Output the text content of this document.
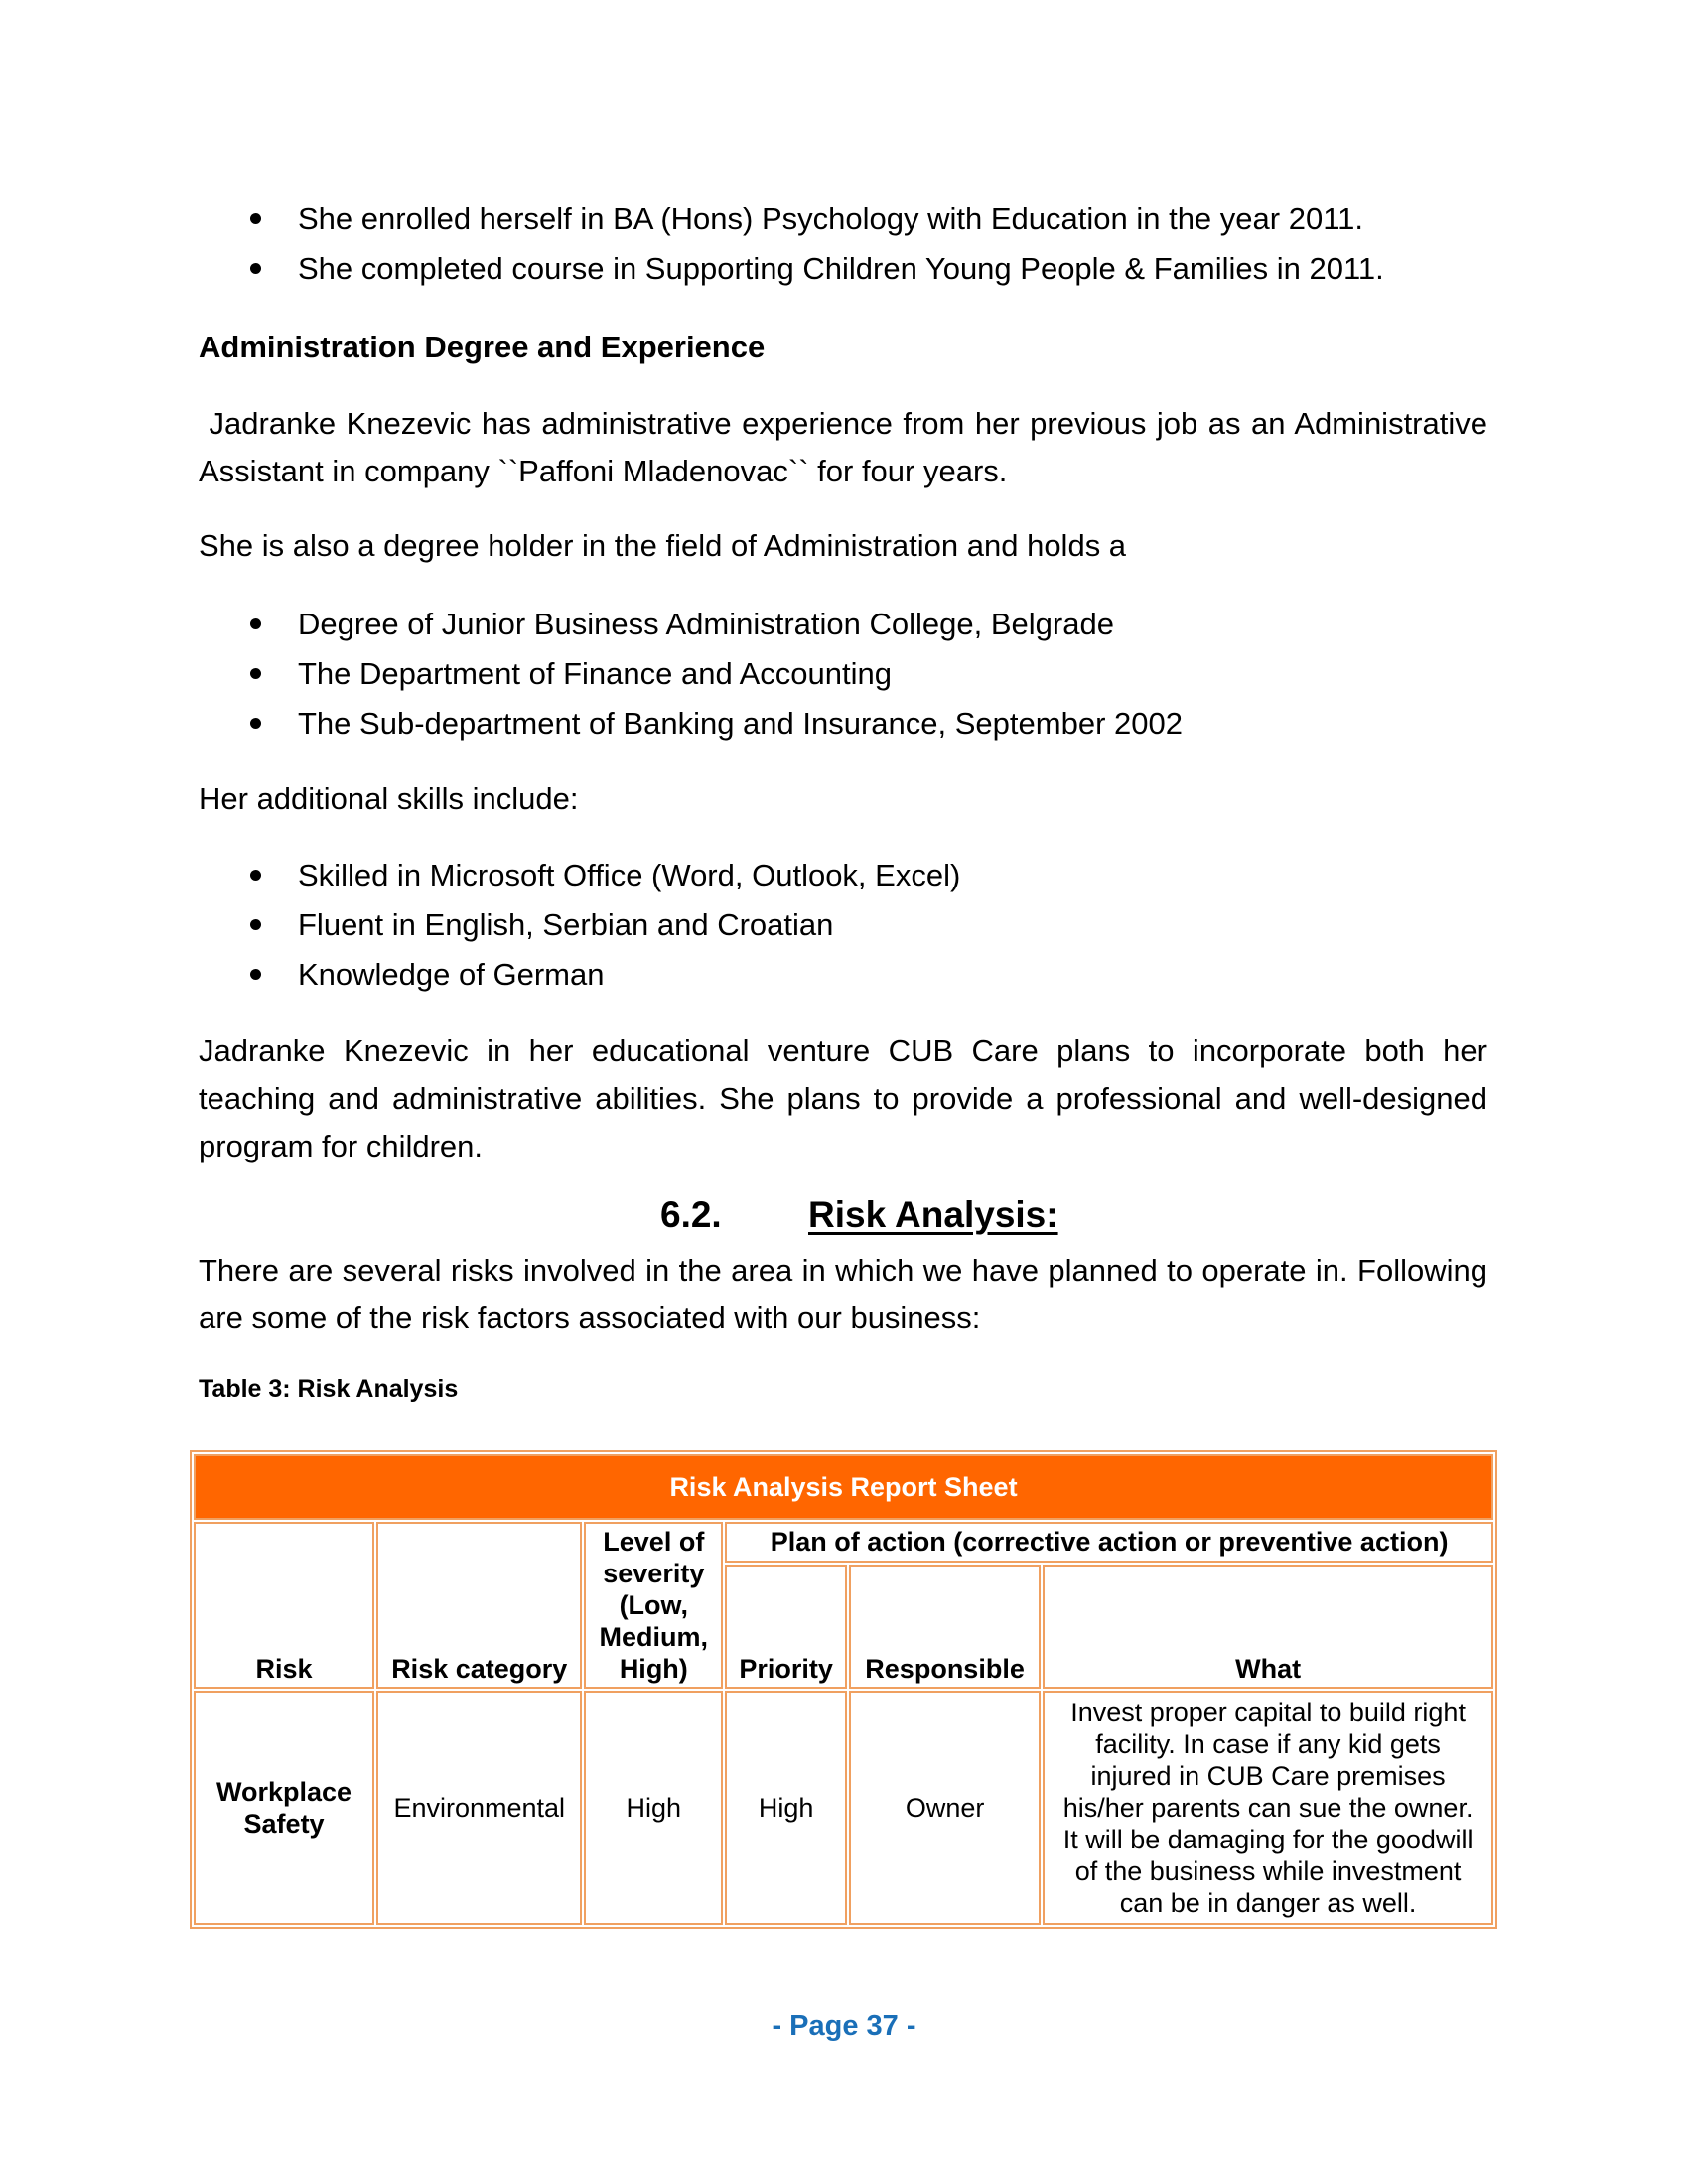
She enrolled herself in BA (Hons) Psychology with Education in the year 2011.
She completed course in Supporting Children Young People & Families in 2011.
Administration Degree and Experience

Jadranke Knezevic has administrative experience from her previous job as an Administrative Assistant in company ``Paffoni Mladenovac`` for four years.

She is also a degree holder in the field of Administration and holds a

Degree of Junior Business Administration College, Belgrade
The Department of Finance and Accounting
The Sub-department of Banking and Insurance, September 2002

Her additional skills include:

Skilled in Microsoft Office (Word, Outlook, Excel)
Fluent in English, Serbian and Croatian
Knowledge of German

Jadranke Knezevic in her educational venture CUB Care plans to incorporate both her teaching and administrative abilities. She plans to provide a professional and well-designed program for children.

6.2. Risk Analysis:

There are several risks involved in the area in which we have planned to operate in. Following are some of the risk factors associated with our business:

Table 3: Risk Analysis

Risk Analysis Report Sheet					
Risk	Risk category	Level of severity (Low, Medium, High)	Plan of action (corrective action or preventive action)		
			Priority	Responsible	What
Workplace Safety	Environmental	High	High	Owner	Invest proper capital to build right facility. In case if any kid gets injured in CUB Care premises his/her parents can sue the owner. It will be damaging for the goodwill of the business while investment can be in danger as well.

- Page 37 -
